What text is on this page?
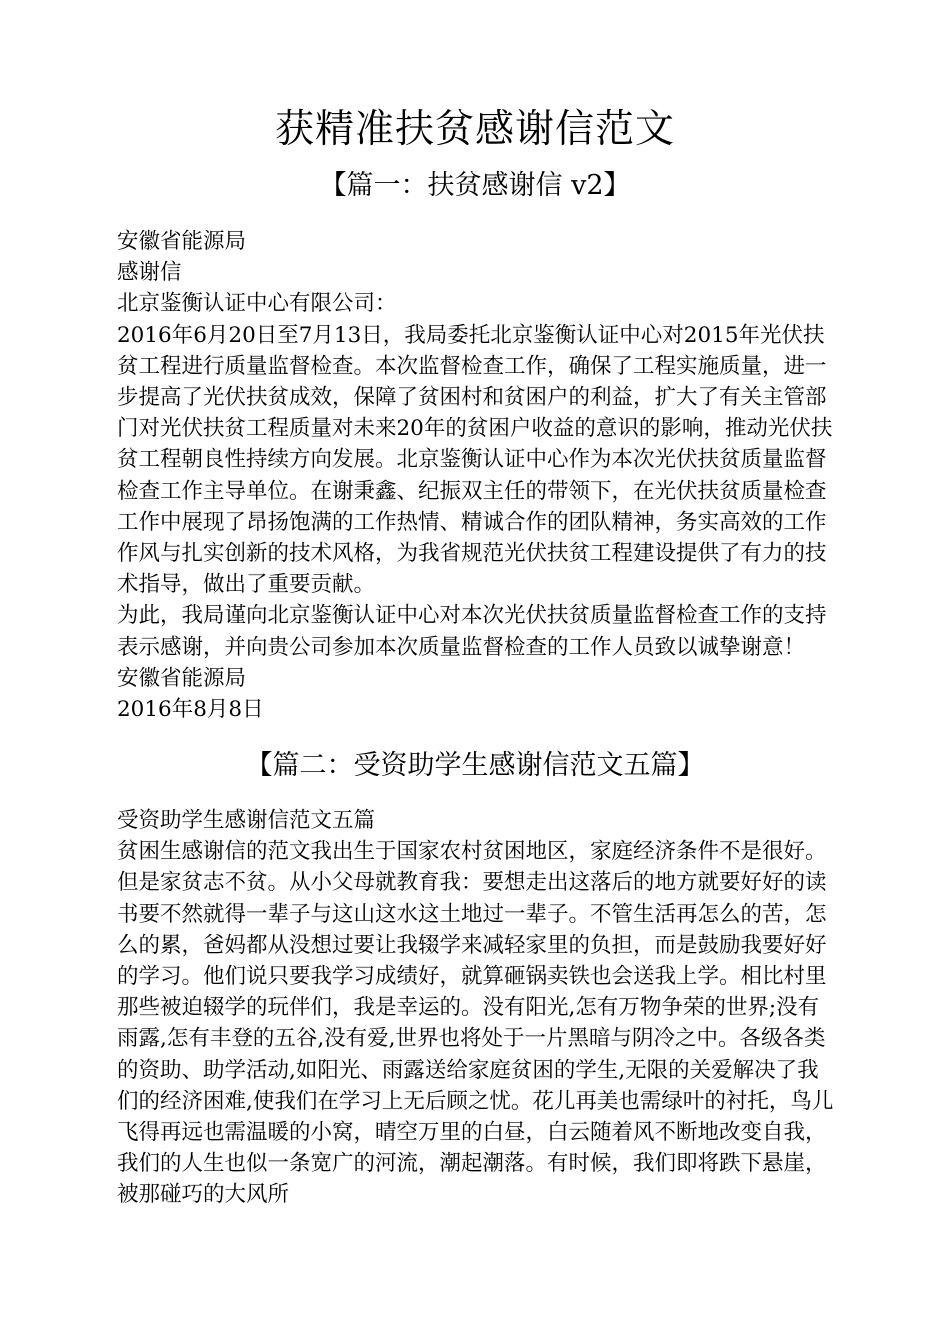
获精准扶贫感谢信范文
【篇一：扶贫感谢信 v2】

安徽省能源局

感谢信

北京鉴衡认证中心有限公司：

2016年6月20日至7月13日，我局委托北京鉴衡认证中心对2015年光伏扶贫工程进行质量监督检查。本次监督检查工作，确保了工程实施质量，进一步提高了光伏扶贫成效，保障了贫困村和贫困户的利益，扩大了有关主管部门对光伏扶贫工程质量对未来20年的贫困户收益的意识的影响，推动光伏扶贫工程朝良性持续方向发展。北京鉴衡认证中心作为本次光伏扶贫质量监督检查工作主导单位。在谢秉鑫、纪振双主任的带领下，在光伏扶贫质量检查工作中展现了昂扬饱满的工作热情、精诚合作的团队精神，务实高效的工作作风与扎实创新的技术风格，为我省规范光伏扶贫工程建设提供了有力的技术指导，做出了重要贡献。

为此，我局谨向北京鉴衡认证中心对本次光伏扶贫质量监督检查工作的支持表示感谢，并向贵公司参加本次质量监督检查的工作人员致以诚挚谢意！

安徽省能源局

2016年8月8日

【篇二：受资助学生感谢信范文五篇】

受资助学生感谢信范文五篇

贫困生感谢信的范文我出生于国家农村贫困地区，家庭经济条件不是很好。但是家贫志不贫。从小父母就教育我：要想走出这落后的地方就要好好的读书要不然就得一辈子与这山这水这土地过一辈子。不管生活再怎么的苦，怎么的累，爸妈都从没想过要让我辍学来减轻家里的负担，而是鼓励我要好好的学习。他们说只要我学习成绩好，就算砸锅卖铁也会送我上学。相比村里那些被迫辍学的玩伴们，我是幸运的。没有阳光,怎有万物争荣的世界;没有雨露,怎有丰登的五谷,没有爱,世界也将处于一片黑暗与阴冷之中。各级各类的资助、助学活动,如阳光、雨露送给家庭贫困的学生,无限的关爱解决了我们的经济困难,使我们在学习上无后顾之忧。花儿再美也需绿叶的衬托，鸟儿飞得再远也需温暖的小窝，晴空万里的白昼，白云随着风不断地改变自我，我们的人生也似一条宽广的河流，潮起潮落。有时候，我们即将跌下悬崖，被那碰巧的大风所
